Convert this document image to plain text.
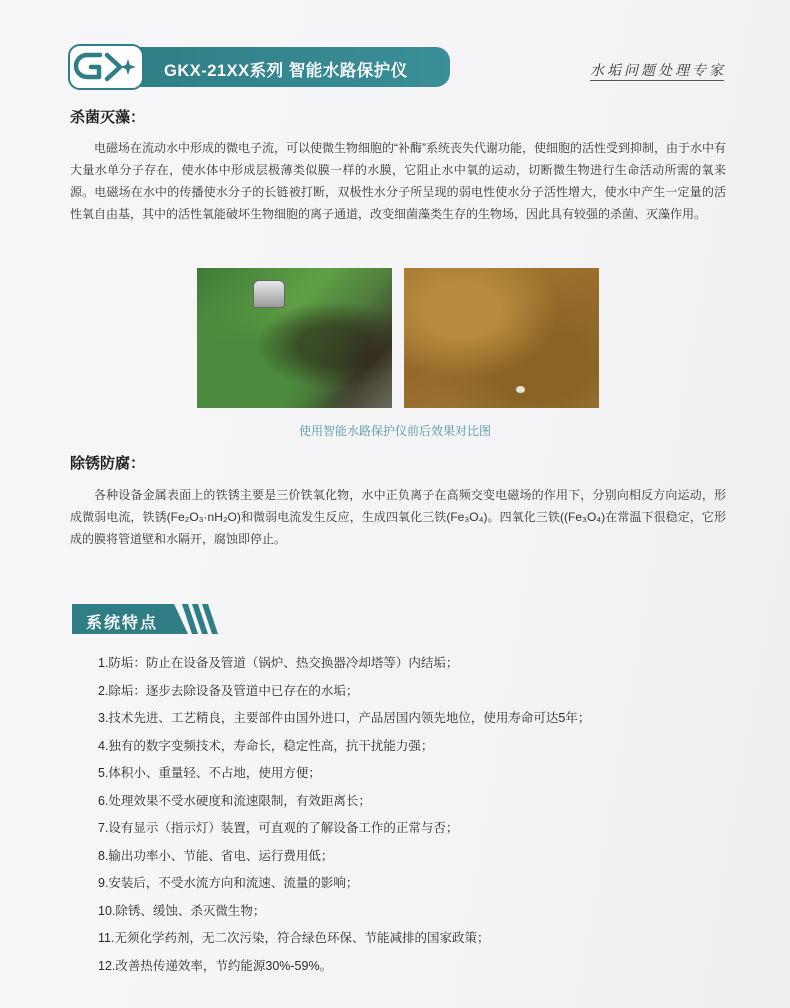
GKX-21XX系列 智能水路保护仪	水垢问题处理专家
杀菌灭藻：
电磁场在流动水中形成的微电子流，可以使微生物细胞的“补酶”系统丧失代谢功能，使细胞的活性受到抑制，由于水中有大量水单分子存在，使水体中形成层极薄类似膜一样的水膜，它阻止水中氧的运动，切断微生物进行生命活动所需的氧来源。电磁场在水中的传播使水分子的长链被打断，双极性水分子所呈现的弱电性使水分子活性增大，使水中产生一定量的活性氧自由基，其中的活性氧能破坏生物细胞的离子通道，改变细菌藻类生存的生物场，因此具有较强的杀菌、灭藻作用。
使用智能水路保护仪前后效果对比图
除锈防腐：
各种设备金属表面上的铁锈主要是三价铁氧化物，水中正负离子在高频交变电磁场的作用下，分别向相反方向运动，形成微弱电流，铁锈(Fe₂O₃·nH₂O)和微弱电流发生反应，生成四氧化三铁(Fe₃O₄)。四氧化三铁((Fe₃O₄)在常温下很稳定，它形成的膜将管道壁和水隔开，腐蚀即停止。
系统特点
1.防垢：防止在设备及管道（锅炉、热交换器冷却塔等）内结垢；
2.除垢：逐步去除设备及管道中已存在的水垢；
3.技术先进、工艺精良，主要部件由国外进口，产品居国内领先地位，使用寿命可达5年；
4.独有的数字变频技术，寿命长，稳定性高，抗干扰能力强；
5.体积小、重量轻、不占地，使用方便；
6.处理效果不受水硬度和流速限制，有效距离长；
7.设有显示（指示灯）装置，可直观的了解设备工作的正常与否；
8.输出功率小、节能、省电、运行费用低；
9.安装后，不受水流方向和流速、流量的影响；
10.除锈、缓蚀、杀灭微生物；
11.无须化学药剂，无二次污染，符合绿色环保、节能减排的国家政策；
12.改善热传递效率，节约能源30%-59%。
